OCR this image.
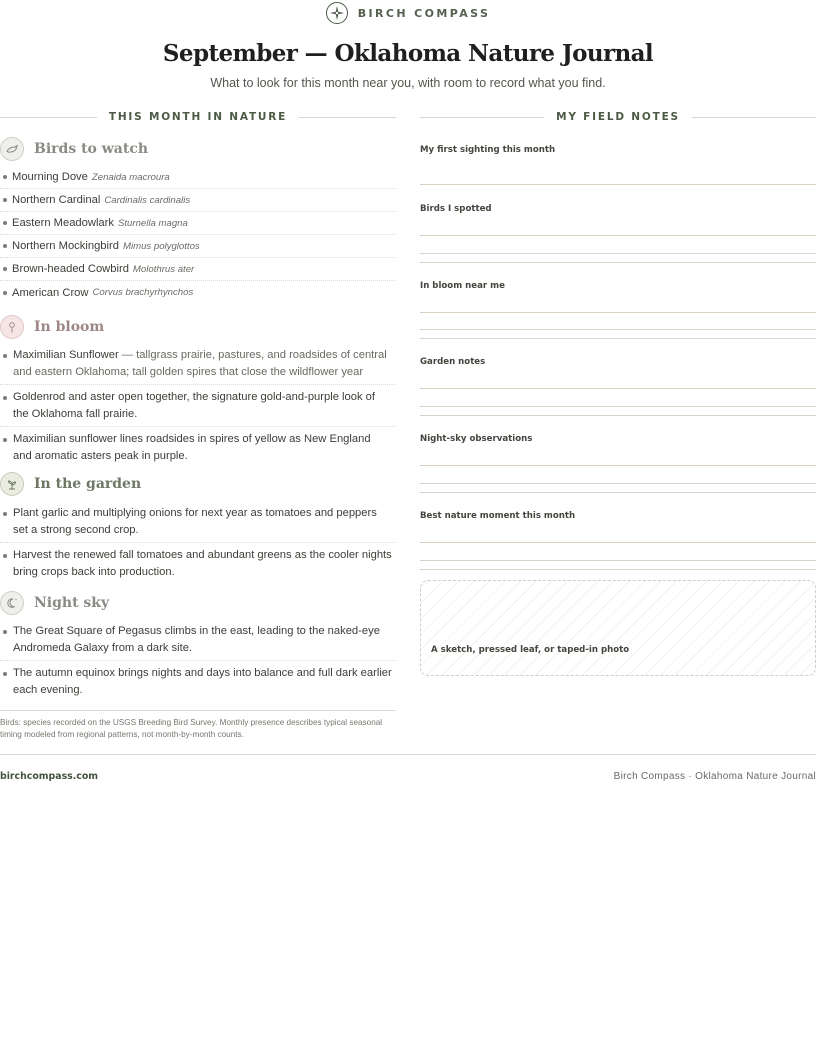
BIRCH COMPASS
September — Oklahoma Nature Journal

What to look for this month near you, with room to record what you find.

THIS MONTH IN NATURE	MY FIELD NOTES
Birds to watch
Mourning Dove Zenaida macroura
Northern Cardinal Cardinalis cardinalis
Eastern Meadowlark Sturnella magna
Northern Mockingbird Mimus polyglottos
Brown-headed Cowbird Molothrus ater
American Crow Corvus brachyrhynchos
In bloom
Maximilian Sunflower — tallgrass prairie, pastures, and roadsides of central and eastern Oklahoma; tall golden spires that close the wildflower year
Goldenrod and aster open together, the signature gold-and-purple look of the Oklahoma fall prairie.
Maximilian sunflower lines roadsides in spires of yellow as New England and aromatic asters peak in purple.
In the garden
Plant garlic and multiplying onions for next year as tomatoes and peppers set a strong second crop.
Harvest the renewed fall tomatoes and abundant greens as the cooler nights bring crops back into production.
Night sky
The Great Square of Pegasus climbs in the east, leading to the naked-eye Andromeda Galaxy from a dark site.
The autumn equinox brings nights and days into balance and full dark earlier each evening.

Birds: species recorded on the USGS Breeding Bird Survey. Monthly presence describes typical seasonal timing modeled from regional patterns, not month-by-month counts.

My first sighting this month
Birds I spotted
In bloom near me
Garden notes
Night-sky observations
Best nature moment this month
A sketch, pressed leaf, or taped-in photo
birchcompass.com	Birch Compass · Oklahoma Nature Journal
